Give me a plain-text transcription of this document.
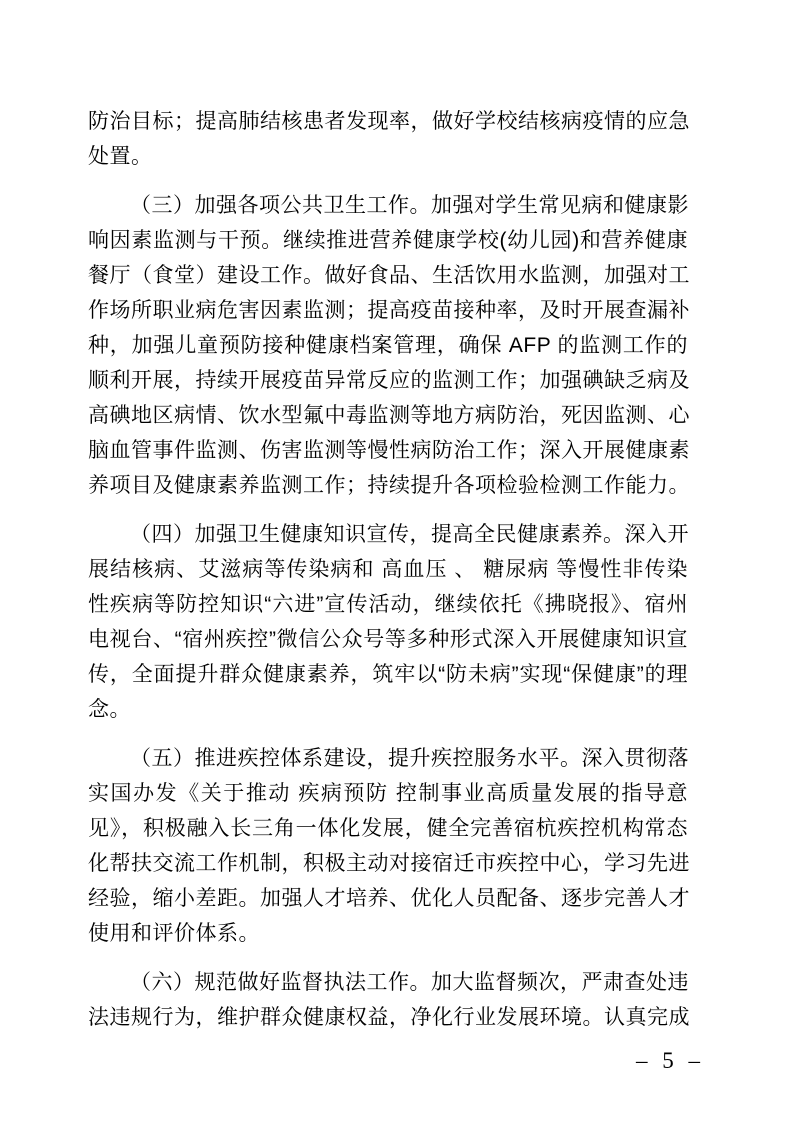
防治目标；提高肺结核患者发现率，做好学校结核病疫情的应急
处置。
（三）加强各项公共卫生工作。加强对学生常见病和健康影
响因素监测与干预。继续推进营养健康学校(幼儿园)和营养健康
餐厅（食堂）建设工作。做好食品、生活饮用水监测，加强对工
作场所职业病危害因素监测；提高疫苗接种率，及时开展查漏补
种，加强儿童预防接种健康档案管理，确保 AFP 的监测工作的
顺利开展，持续开展疫苗异常反应的监测工作；加强碘缺乏病及
高碘地区病情、饮水型氟中毒监测等地方病防治，死因监测、心
脑血管事件监测、伤害监测等慢性病防治工作；深入开展健康素
养项目及健康素养监测工作；持续提升各项检验检测工作能力。
（四）加强卫生健康知识宣传，提高全民健康素养。深入开
展结核病、艾滋病等传染病和 高血压 、 糖尿病 等慢性非传染
性疾病等防控知识“六进”宣传活动，继续依托《拂晓报》、宿州
电视台、“宿州疾控”微信公众号等多种形式深入开展健康知识宣
传，全面提升群众健康素养，筑牢以“防未病”实现“保健康”的理
念。
（五）推进疾控体系建设，提升疾控服务水平。深入贯彻落
实国办发《关于推动 疾病预防 控制事业高质量发展的指导意
见》，积极融入长三角一体化发展，健全完善宿杭疾控机构常态
化帮扶交流工作机制，积极主动对接宿迁市疾控中心，学习先进
经验，缩小差距。加强人才培养、优化人员配备、逐步完善人才
使用和评价体系。
（六）规范做好监督执法工作。加大监督频次，严肃查处违
法违规行为，维护群众健康权益，净化行业发展环境。认真完成
– 5 –
